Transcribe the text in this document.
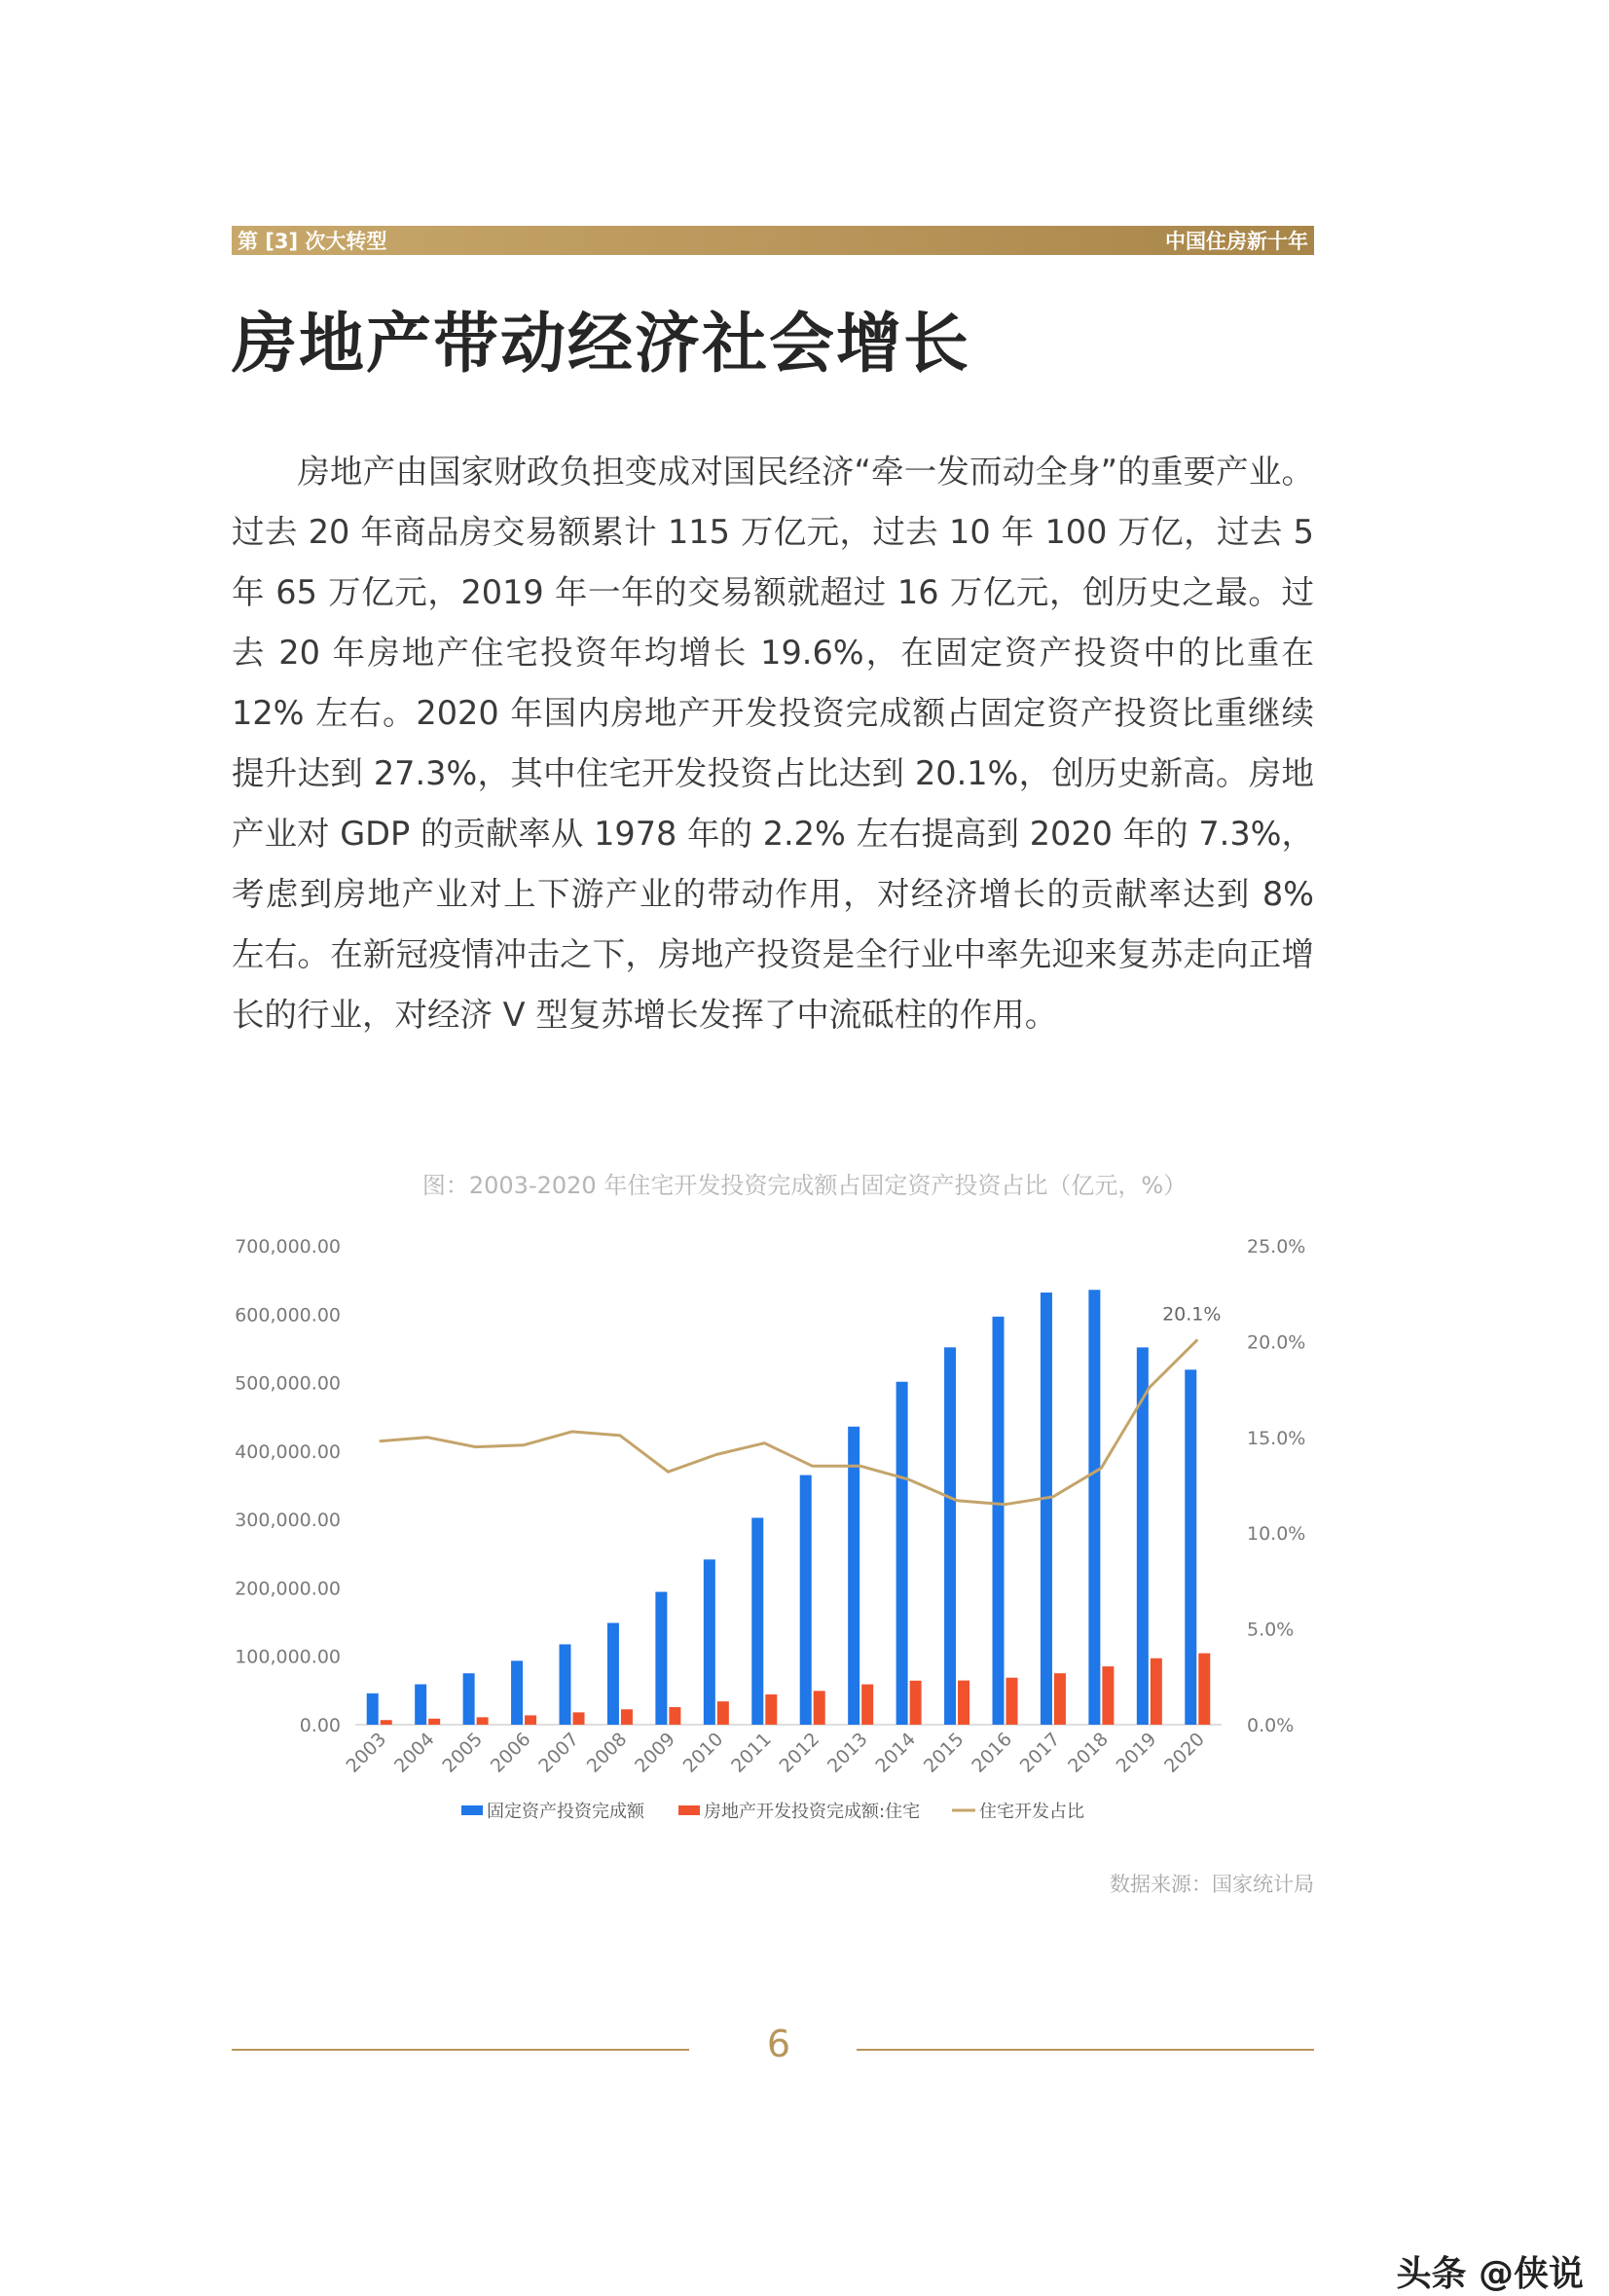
第 [3] 次大转型	中国住房新十年
房地产带动经济社会增长

　　房地产由国家财政负担变成对国民经济“牵一发而动全身”的重要产业。过去 20 年商品房交易额累计 115 万亿元，过去 10 年 100 万亿，过去 5 年 65 万亿元，2019 年一年的交易额就超过 16 万亿元，创历史之最。过去 20 年房地产住宅投资年均增长 19.6%，在固定资产投资中的比重在 12% 左右。2020 年国内房地产开发投资完成额占固定资产投资比重继续提升达到 27.3%，其中住宅开发投资占比达到 20.1%，创历史新高。房地产业对 GDP 的贡献率从 1978 年的 2.2% 左右提高到 2020 年的 7.3%，考虑到房地产业对上下游产业的带动作用，对经济增长的贡献率达到 8% 左右。在新冠疫情冲击之下，房地产投资是全行业中率先迎来复苏走向正增长的行业，对经济 V 型复苏增长发挥了中流砥柱的作用。

图：2003-2020 年住宅开发投资完成额占固定资产投资占比（亿元，%）
0.00
100,000.00
200,000.00
300,000.00
400,000.00
500,000.00
600,000.00
700,000.00
0.0%
5.0%
10.0%
15.0%
20.0%
25.0%
2003 2004 2005 2006 2007 2008 2009 2010 2011 2012 2013 2014 2015 2016 2017 2018 2019 2020
20.1%
固定资产投资完成额	房地产开发投资完成额:住宅	住宅开发占比
数据来源：国家统计局
6
头条 @侠说
